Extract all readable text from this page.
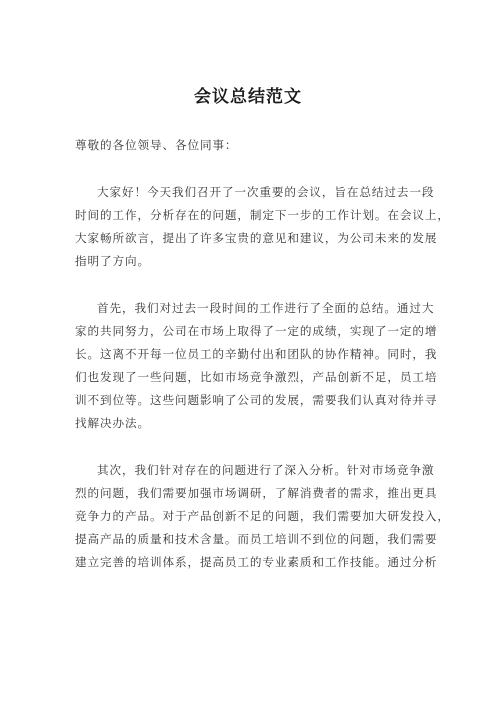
会议总结范文
尊敬的各位领导、各位同事：
大家好！今天我们召开了一次重要的会议，旨在总结过去一段
时间的工作，分析存在的问题，制定下一步的工作计划。在会议上，
大家畅所欲言，提出了许多宝贵的意见和建议，为公司未来的发展
指明了方向。
首先，我们对过去一段时间的工作进行了全面的总结。通过大
家的共同努力，公司在市场上取得了一定的成绩，实现了一定的增
长。这离不开每一位员工的辛勤付出和团队的协作精神。同时，我
们也发现了一些问题，比如市场竞争激烈，产品创新不足，员工培
训不到位等。这些问题影响了公司的发展，需要我们认真对待并寻
找解决办法。
其次，我们针对存在的问题进行了深入分析。针对市场竞争激
烈的问题，我们需要加强市场调研，了解消费者的需求，推出更具
竞争力的产品。对于产品创新不足的问题，我们需要加大研发投入，
提高产品的质量和技术含量。而员工培训不到位的问题，我们需要
建立完善的培训体系，提高员工的专业素质和工作技能。通过分析
